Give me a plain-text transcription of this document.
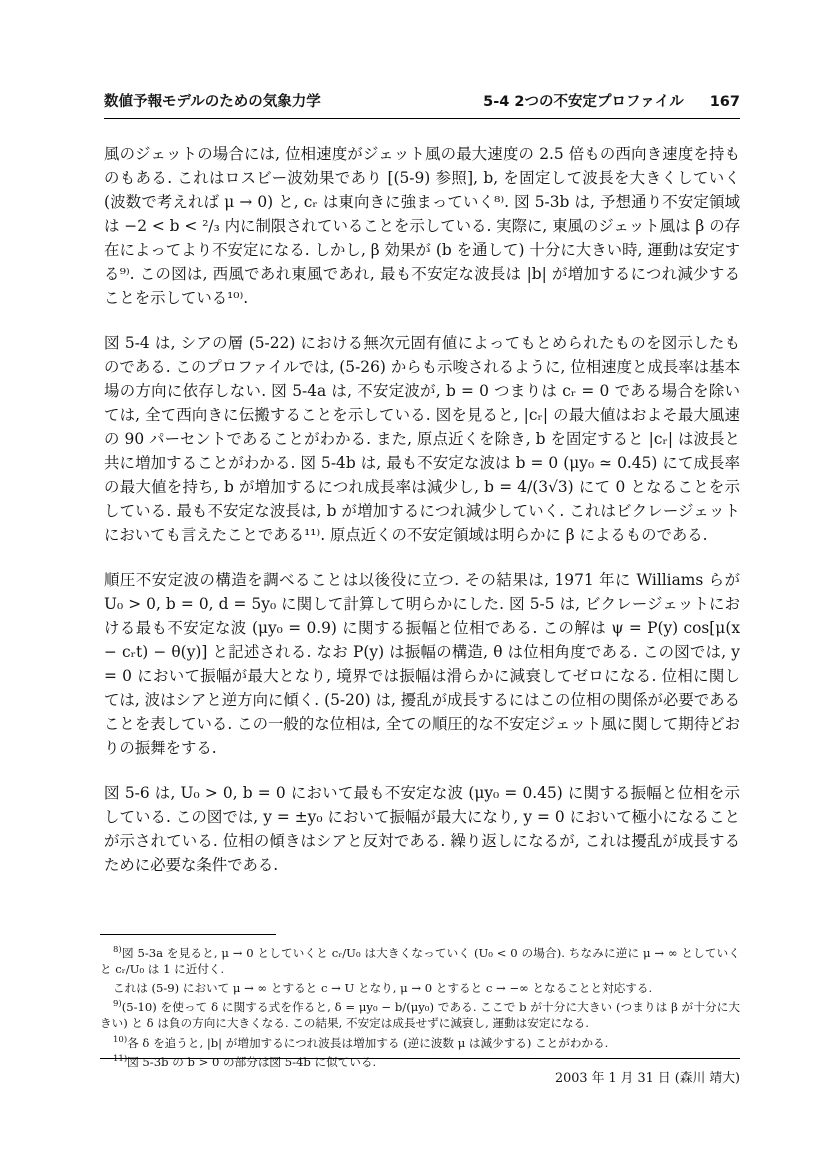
数値予報モデルのための気象力学	5-4 2つの不安定プロファイル 167

風のジェットの場合には, 位相速度がジェット風の最大速度の 2.5 倍もの西向き速度を持ものもある. これはロスビー波効果であり [(5-9) 参照], b, を固定して波長を大きくしていく (波数で考えれば μ → 0) と, cᵣ は東向きに強まっていく⁸⁾. 図 5-3b は, 予想通り不安定領域は −2 < b < ²/₃ 内に制限されていることを示している. 実際に, 東風のジェット風は β の存在によってより不安定になる. しかし, β 効果が (b を通して) 十分に大きい時, 運動は安定する⁹⁾. この図は, 西風であれ東風であれ, 最も不安定な波長は |b| が増加するにつれ減少することを示している¹⁰⁾.

図 5-4 は, シアの層 (5-22) における無次元固有値によってもとめられたものを図示したものである. このプロファイルでは, (5-26) からも示唆されるように, 位相速度と成長率は基本場の方向に依存しない. 図 5-4a は, 不安定波が, b = 0 つまりは cᵣ = 0 である場合を除いては, 全て西向きに伝搬することを示している. 図を見ると, |cᵣ| の最大値はおよそ最大風速の 90 パーセントであることがわかる. また, 原点近くを除き, b を固定すると |cᵣ| は波長と共に増加することがわかる. 図 5-4b は, 最も不安定な波は b = 0 (μy₀ ≃ 0.45) にて成長率の最大値を持ち, b が増加するにつれ成長率は減少し, b = 4/(3√3) にて 0 となることを示している. 最も不安定な波長は, b が増加するにつれ減少していく. これはビクレージェットにおいても言えたことである¹¹⁾. 原点近くの不安定領域は明らかに β によるものである.

順圧不安定波の構造を調べることは以後役に立つ. その結果は, 1971 年に Williams らが U₀ > 0, b = 0, d = 5y₀ に関して計算して明らかにした. 図 5-5 は, ビクレージェットにおける最も不安定な波 (μy₀ = 0.9) に関する振幅と位相である. この解は ψ = P(y) cos[μ(x − cᵣt) − θ(y)] と記述される. なお P(y) は振幅の構造, θ は位相角度である. この図では, y = 0 において振幅が最大となり, 境界では振幅は滑らかに減衰してゼロになる. 位相に関しては, 波はシアと逆方向に傾く. (5-20) は, 擾乱が成長するにはこの位相の関係が必要であることを表している. この一般的な位相は, 全ての順圧的な不安定ジェット風に関して期待どおりの振舞をする.

図 5-6 は, U₀ > 0, b = 0 において最も不安定な波 (μy₀ = 0.45) に関する振幅と位相を示している. この図では, y = ±y₀ において振幅が最大になり, y = 0 において極小になることが示されている. 位相の傾きはシアと反対である. 繰り返しになるが, これは擾乱が成長するために必要な条件である.

$^{8)}$図 5-3a を見ると, μ → 0 としていくと cᵣ/U₀ は大きくなっていく (U₀ < 0 の場合). ちなみに逆に μ → ∞ としていくと cᵣ/U₀ は 1 に近付く.

これは (5-9) において μ → ∞ とすると c → U となり, μ → 0 とすると c → −∞ となることと対応する.

$^{9)}$(5-10) を使って δ に関する式を作ると, δ = μy₀ − b/(μy₀) である. ここで b が十分に大きい (つまりは β が十分に大きい) と δ は負の方向に大きくなる. この結果, 不安定は成長せずに減衰し, 運動は安定になる.

$^{10)}$各 δ を追うと, |b| が増加するにつれ波長は増加する (逆に波数 μ は減少する) ことがわかる.

$^{11)}$図 5-3b の b > 0 の部分は図 5-4b に似ている.

2003 年 1 月 31 日 (森川 靖大)
